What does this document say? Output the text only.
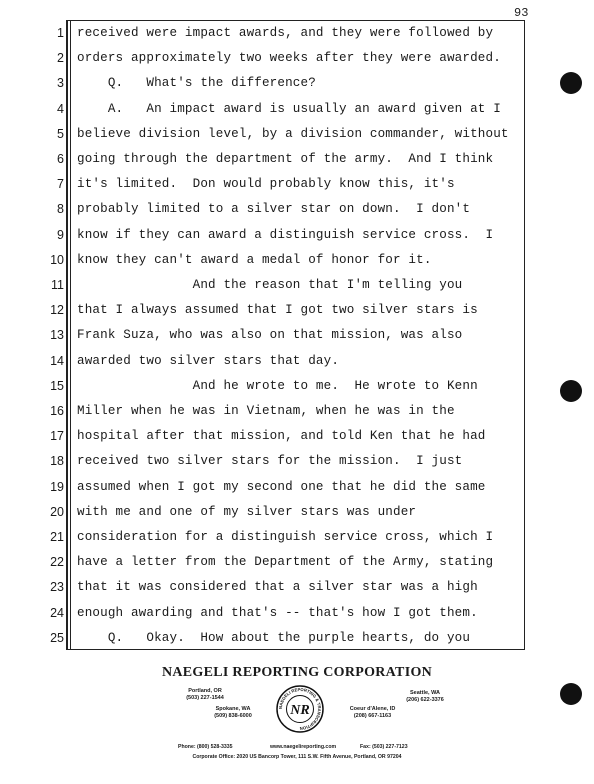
93
1 received were impact awards, and they were followed by
2 orders approximately two weeks after they were awarded.
3 Q.   What's the difference?
4 A.   An impact award is usually an award given at I
5 believe division level, by a division commander, without
6 going through the department of the army.  And I think
7 it's limited.  Don would probably know this, it's
8 probably limited to a silver star on down.  I don't
9 know if they can award a distinguish service cross.  I
10 know they can't award a medal of honor for it.
11 And the reason that I'm telling you
12 that I always assumed that I got two silver stars is
13 Frank Suza, who was also on that mission, was also
14 awarded two silver stars that day.
15 And he wrote to me.  He wrote to Kenn
16 Miller when he was in Vietnam, when he was in the
17 hospital after that mission, and told Ken that he had
18 received two silver stars for the mission.  I just
19 assumed when I got my second one that he did the same
20 with me and one of my silver stars was under
21 consideration for a distinguish service cross, which I
22 have a letter from the Department of the Army, stating
23 that it was considered that a silver star was a high
24 enough awarding and that's -- that's how I got them.
25 Q.   Okay.  How about the purple hearts, do you
NAEGELI REPORTING CORPORATION
Portland, OR
(503) 227-1544
Seattle, WA
(206) 622-3376
Spokane, WA
(509) 838-6000
Coeur d'Alene, ID
(208) 667-1163
NAEGELI REPORTING & TRANSCRIPTION
NR
Phone: (800) 528-3335	www.naegelireporting.com	Fax: (503) 227-7123
Corporate Office: 2020 US Bancorp Tower, 111 S.W. Fifth Avenue, Portland, OR 97204
